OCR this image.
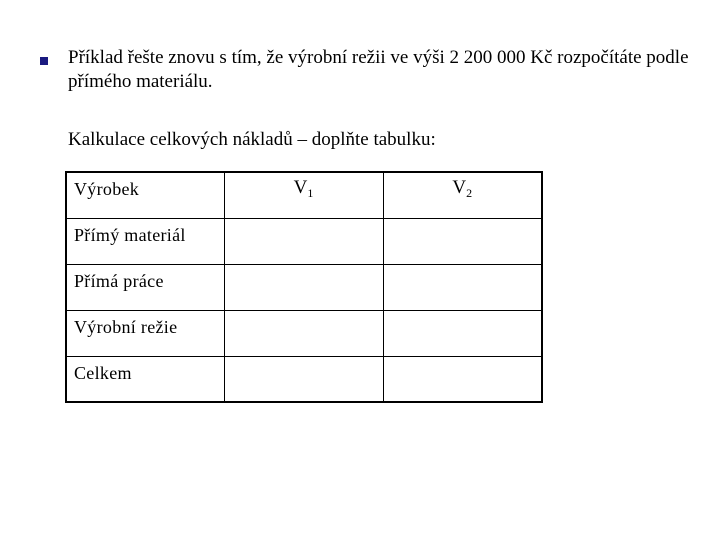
Příklad řešte znovu s tím, že výrobní režii ve výši 2 200 000 Kč rozpočítáte podle přímého materiálu.

Kalkulace celkových nákladů – doplňte tabulku:

Výrobek	$V_1$	$V_2$
Přímý materiál		
Přímá práce		
Výrobní režie		
Celkem		
